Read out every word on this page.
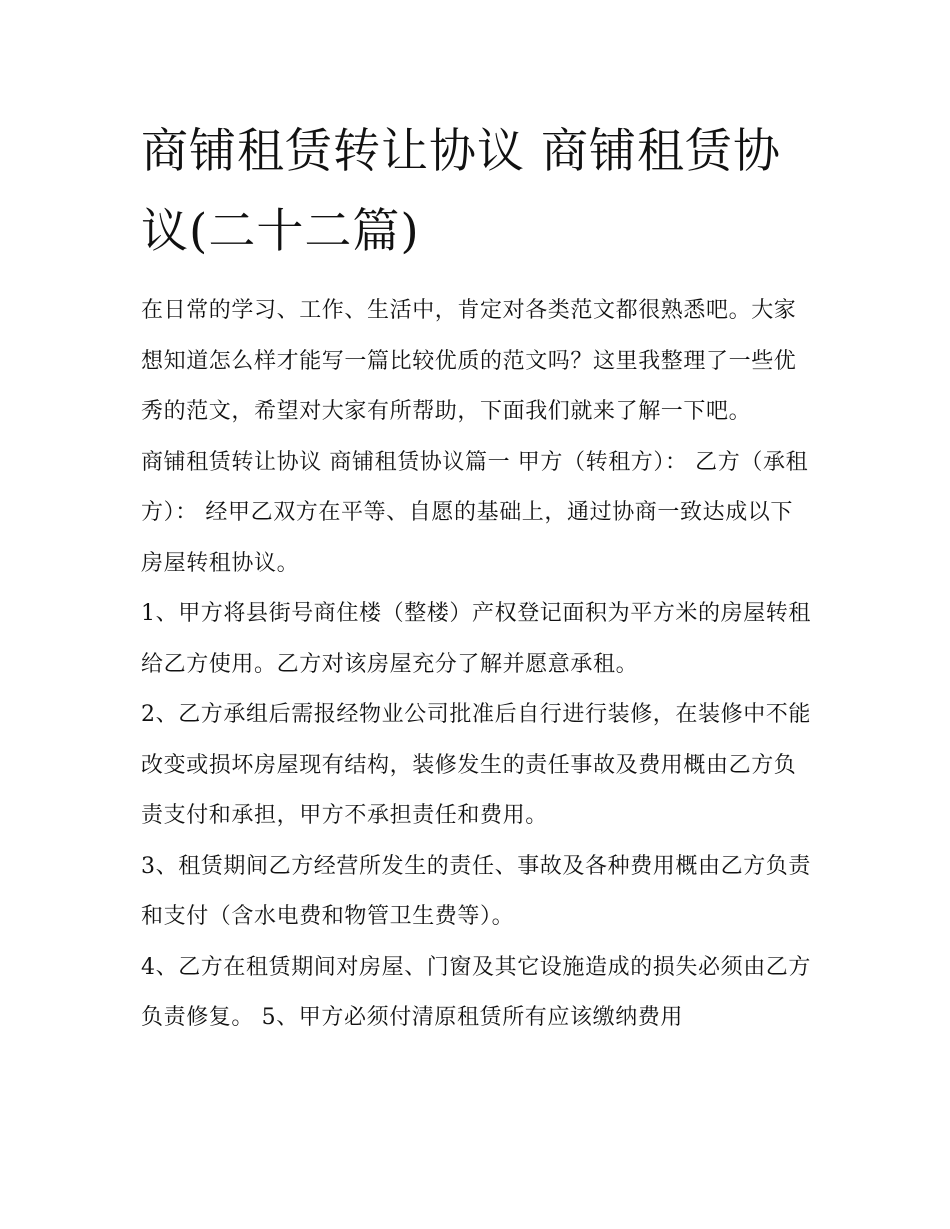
商铺租赁转让协议 商铺租赁协议(二十二篇)

在日常的学习、工作、生活中，肯定对各类范文都很熟悉吧。大家想知道怎么样才能写一篇比较优质的范文吗？这里我整理了一些优秀的范文，希望对大家有所帮助，下面我们就来了解一下吧。

商铺租赁转让协议 商铺租赁协议篇一 甲方（转租方）： 乙方（承租方）： 经甲乙双方在平等、自愿的基础上，通过协商一致达成以下房屋转租协议。

1、甲方将县街号商住楼（整楼）产权登记面积为平方米的房屋转租给乙方使用。乙方对该房屋充分了解并愿意承租。

2、乙方承组后需报经物业公司批准后自行进行装修，在装修中不能改变或损坏房屋现有结构，装修发生的责任事故及费用概由乙方负责支付和承担，甲方不承担责任和费用。

3、租赁期间乙方经营所发生的责任、事故及各种费用概由乙方负责和支付（含水电费和物管卫生费等）。

4、乙方在租赁期间对房屋、门窗及其它设施造成的损失必须由乙方负责修复。 5、甲方必须付清原租赁所有应该缴纳费用
